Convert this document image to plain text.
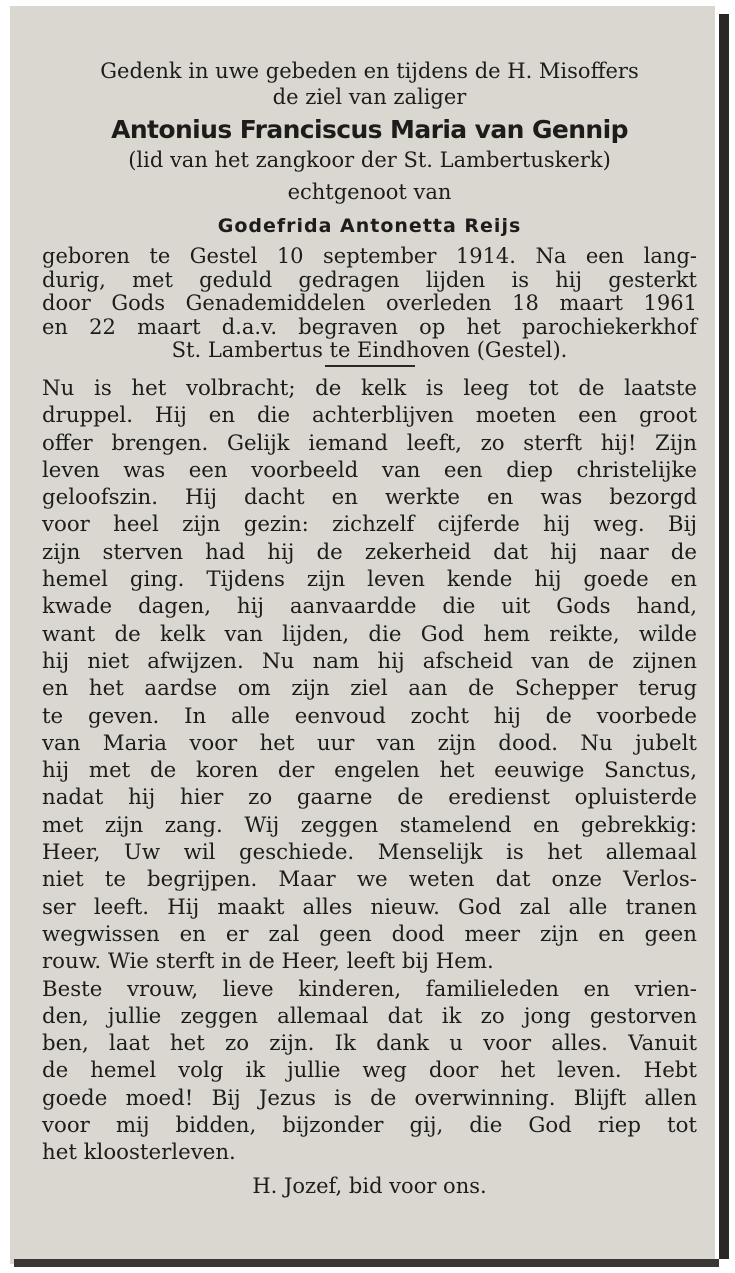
Gedenk in uwe gebeden en tijdens de H. Misoffers

de ziel van zaliger

Antonius Franciscus Maria van Gennip

(lid van het zangkoor der St. Lambertuskerk)

echtgenoot van

Godefrida Antonetta Reijs
geboren te Gestel 10 september 1914. Na een lang-
durig, met geduld gedragen lijden is hij gesterkt
door Gods Genademiddelen overleden 18 maart 1961
en 22 maart d.a.v. begraven op het parochiekerkhof
St. Lambertus te Eindhoven (Gestel).
Nu is het volbracht; de kelk is leeg tot de laatste
druppel. Hij en die achterblijven moeten een groot
offer brengen. Gelijk iemand leeft, zo sterft hij! Zijn
leven was een voorbeeld van een diep christelijke
geloofszin. Hij dacht en werkte en was bezorgd
voor heel zijn gezin: zichzelf cijferde hij weg. Bij
zijn sterven had hij de zekerheid dat hij naar de
hemel ging. Tijdens zijn leven kende hij goede en
kwade dagen, hij aanvaardde die uit Gods hand,
want de kelk van lijden, die God hem reikte, wilde
hij niet afwijzen. Nu nam hij afscheid van de zijnen
en het aardse om zijn ziel aan de Schepper terug
te geven. In alle eenvoud zocht hij de voorbede
van Maria voor het uur van zijn dood. Nu jubelt
hij met de koren der engelen het eeuwige Sanctus,
nadat hij hier zo gaarne de eredienst opluisterde
met zijn zang. Wij zeggen stamelend en gebrekkig:
Heer, Uw wil geschiede. Menselijk is het allemaal
niet te begrijpen. Maar we weten dat onze Verlos-
ser leeft. Hij maakt alles nieuw. God zal alle tranen
wegwissen en er zal geen dood meer zijn en geen
rouw. Wie sterft in de Heer, leeft bij Hem.
Beste vrouw, lieve kinderen, familieleden en vrien-
den, jullie zeggen allemaal dat ik zo jong gestorven
ben, laat het zo zijn. Ik dank u voor alles. Vanuit
de hemel volg ik jullie weg door het leven. Hebt
goede moed! Bij Jezus is de overwinning. Blijft allen
voor mij bidden, bijzonder gij, die God riep tot
het kloosterleven.

H. Jozef, bid voor ons.
